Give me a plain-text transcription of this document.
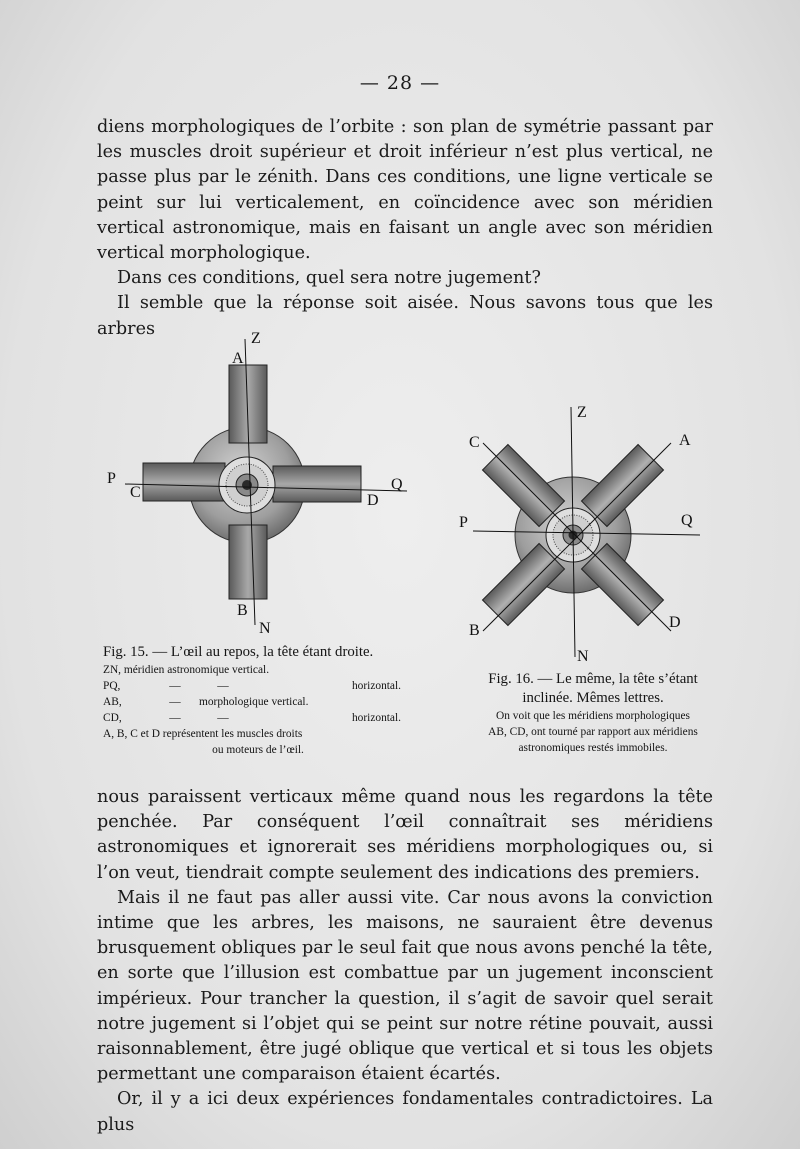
— 28 —

diens morphologiques de l’orbite : son plan de symétrie passant par les muscles droit supérieur et droit inférieur n’est plus vertical, ne passe plus par le zénith. Dans ces conditions, une ligne verticale se peint sur lui verticalement, en coïncidence avec son méridien vertical astronomique, mais en faisant un angle avec son méridien vertical morphologique.

Dans ces conditions, quel sera notre jugement?

Il semble que la réponse soit aisée. Nous savons tous que les arbres	Z
A
P
C	D
Q
B
N
Z
C	A
P	Q
B	D
N
Fig. 15. — L’œil au repos, la tête étant droite.
ZN, méridien astronomique vertical.
PQ,	—	—	horizontal.
AB,	—	morphologique vertical.
CD,	—	—	horizontal.
A, B, C et D représentent les muscles droits
ou moteurs de l’œil.
Fig. 16. — Le même, la tête s’étant
inclinée. Mêmes lettres.
On voit que les méridiens morphologiques
AB, CD, ont tourné par rapport aux méridiens
astronomiques restés immobiles.

nous paraissent verticaux même quand nous les regardons la tête penchée. Par conséquent l’œil connaîtrait ses méridiens astronomiques et ignorerait ses méridiens morphologiques ou, si l’on veut, tiendrait compte seulement des indications des premiers.

Mais il ne faut pas aller aussi vite. Car nous avons la conviction intime que les arbres, les maisons, ne sauraient être devenus brusquement obliques par le seul fait que nous avons penché la tête, en sorte que l’illusion est combattue par un jugement inconscient impérieux. Pour trancher la question, il s’agit de savoir quel serait notre jugement si l’objet qui se peint sur notre rétine pouvait, aussi raisonnablement, être jugé oblique que vertical et si tous les objets permettant une comparaison étaient écartés.

Or, il y a ici deux expériences fondamentales contradictoires. La plus
